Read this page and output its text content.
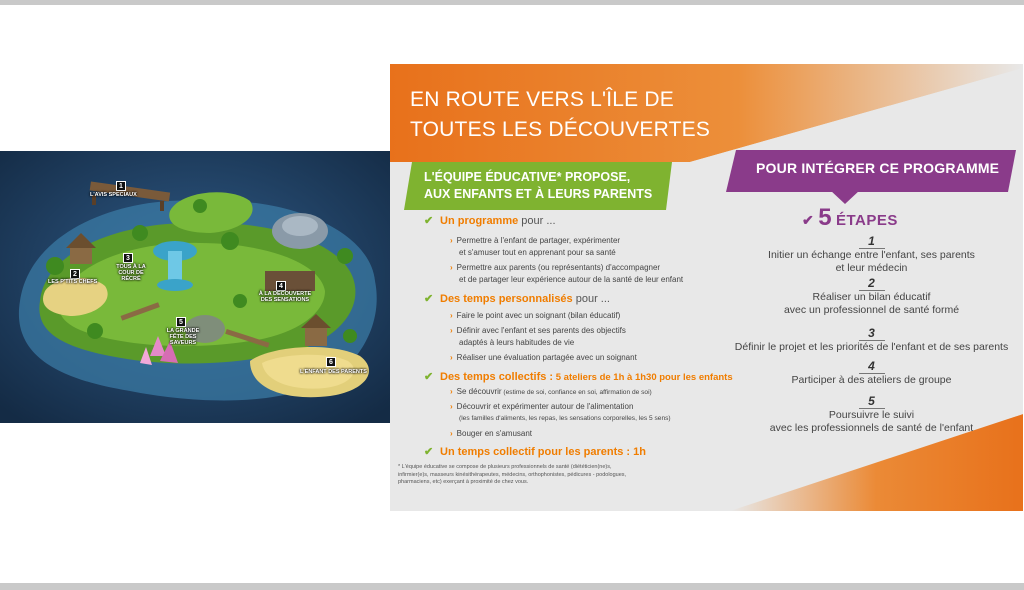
1
L'AVIS SPECIAUX
2
LES P'TITS CHEFS
3
TOUS À LA COUR DE RÉCRÉ
4
À LA DÉCOUVERTE DES SENSATIONS
5
LA GRANDE FÊTE DES SAVEURS
6
L'ENFANT DES PARENTS
EN ROUTE VERS L'ÎLE DE
TOUTES LES DÉCOUVERTES
L'ÉQUIPE ÉDUCATIVE* PROPOSE,
AUX ENFANTS ET À LEURS PARENTS
POUR INTÉGRER CE PROGRAMME
✔ Un programme pour ...
› Permettre à l'enfant de partager, expérimenter
et s'amuser tout en apprenant pour sa santé
› Permettre aux parents (ou représentants) d'accompagner
et de partager leur expérience autour de la santé de leur enfant
✔ Des temps personnalisés pour ...
› Faire le point avec un soignant (bilan éducatif)
› Définir avec l'enfant et ses parents des objectifs
adaptés à leurs habitudes de vie
› Réaliser une évaluation partagée avec un soignant
✔ Des temps collectifs : 5 ateliers de 1h à 1h30 pour les enfants
› Se découvrir (estime de soi, confiance en soi, affirmation de soi)
› Découvrir et expérimenter autour de l'alimentation
(les familles d'aliments, les repas, les sensations corporelles, les 5 sens)
› Bouger en s'amusant
✔ Un temps collectif pour les parents : 1h
* L'équipe éducative se compose de plusieurs professionnels de santé (diététicien(ne)s, infirmier(e)s, masseurs kinésithérapeutes, médecins, orthophonistes, pédicures - podologues, pharmaciens, etc) exerçant à proximité de chez vous.
✔ 5 ÉTAPES
1
Initier un échange entre l'enfant, ses parents
et leur médecin
2
Réaliser un bilan éducatif
avec un professionnel de santé formé
3
Définir le projet et les priorités de l'enfant et de ses parents
4
Participer à des ateliers de groupe
5
Poursuivre le suivi
avec les professionnels de santé de l'enfant
